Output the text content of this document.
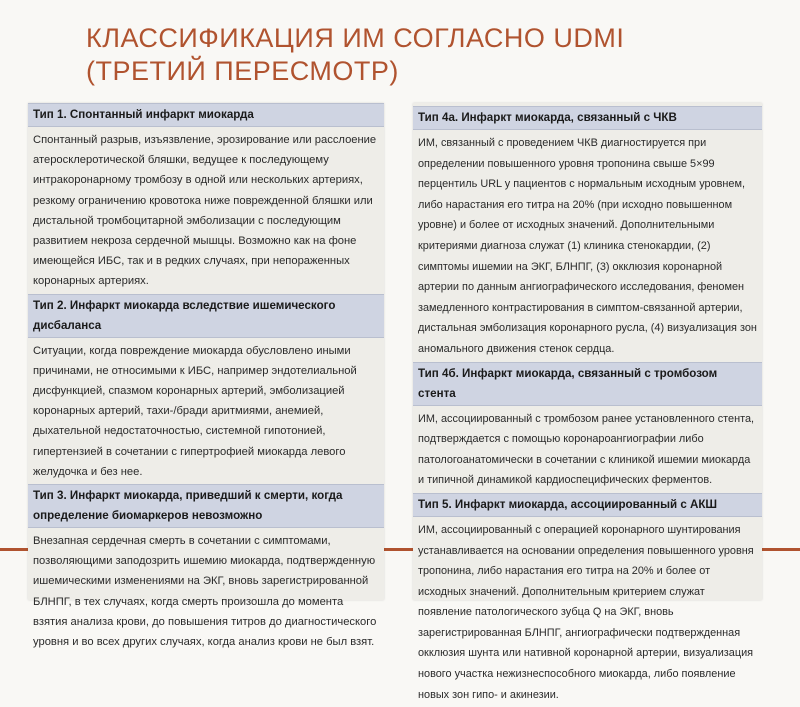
КЛАССИФИКАЦИЯ ИМ СОГЛАСНО UDMI
(ТРЕТИЙ ПЕРЕСМОТР)
Тип 1. Спонтанный инфаркт миокарда
Спонтанный разрыв, изъязвление, эрозирование или расслоение атеросклеротической бляшки, ведущее к последующему интракоронарному тромбозу в одной или нескольких артериях, резкому ограничению кровотока ниже поврежденной бляшки или дистальной тромбоцитарной эмболизации с последующим развитием некроза сердечной мышцы. Возможно как на фоне имеющейся ИБС, так и в редких случаях, при непораженных коронарных артериях.
Тип 2. Инфаркт миокарда вследствие ишемического дисбаланса
Ситуации, когда повреждение миокарда обусловлено иными причинами, не относимыми к ИБС, например эндотелиальной дисфункцией, спазмом коронарных артерий, эмболизацией коронарных артерий, тахи-/бради аритмиями, анемией, дыхательной недостаточностью, системной гипотонией, гипертензией в сочетании с гипертрофией миокарда левого желудочка и без нее.
Тип 3. Инфаркт миокарда, приведший к смерти, когда определение биомаркеров невозможно
Внезапная сердечная смерть в сочетании с симптомами, позволяющими заподозрить ишемию миокарда, подтвержденную ишемическими изменениями на ЭКГ, вновь зарегистрированной БЛНПГ, в тех случаях, когда смерть произошла до момента взятия анализа крови, до повышения титров до диагностического уровня и во всех других случаях, когда анализ крови не был взят.
Тип 4а. Инфаркт миокарда, связанный с ЧКВ
ИМ, связанный с проведением ЧКВ диагностируется при определении повышенного уровня тропонина свыше 5×99 перцентиль URL у пациентов с нормальным исходным уровнем, либо нарастания его титра на 20% (при исходно повышенном уровне) и более от исходных значений. Дополнительными критериями диагноза служат (1) клиника стенокардии, (2) симптомы ишемии на ЭКГ, БЛНПГ, (3) окклюзия коронарной артерии по данным ангиографического исследования, феномен замедленного контрастирования в симптом-связанной артерии, дистальная эмболизация коронарного русла, (4) визуализация зон аномального движения стенок сердца.
Тип 4б. Инфаркт миокарда, связанный с тромбозом стента
ИМ, ассоциированный с тромбозом ранее установленного стента, подтверждается с помощью коронароангиографии либо патологоанатомически в сочетании с клиникой ишемии миокарда и типичной динамикой кардиоспецифических ферментов.
Тип 5. Инфаркт миокарда, ассоциированный с АКШ
ИМ, ассоциированный с операцией коронарного шунтирования устанавливается на основании определения повышенного уровня тропонина, либо нарастания его титра на 20% и более от исходных значений. Дополнительным критерием служат появление патологического зубца Q на ЭКГ, вновь зарегистрированная БЛНПГ, ангиографически подтвержденная окклюзия шунта или нативной коронарной артерии, визуализация нового участка нежизнеспособного миокарда, либо появление новых зон гипо- и акинезии.
